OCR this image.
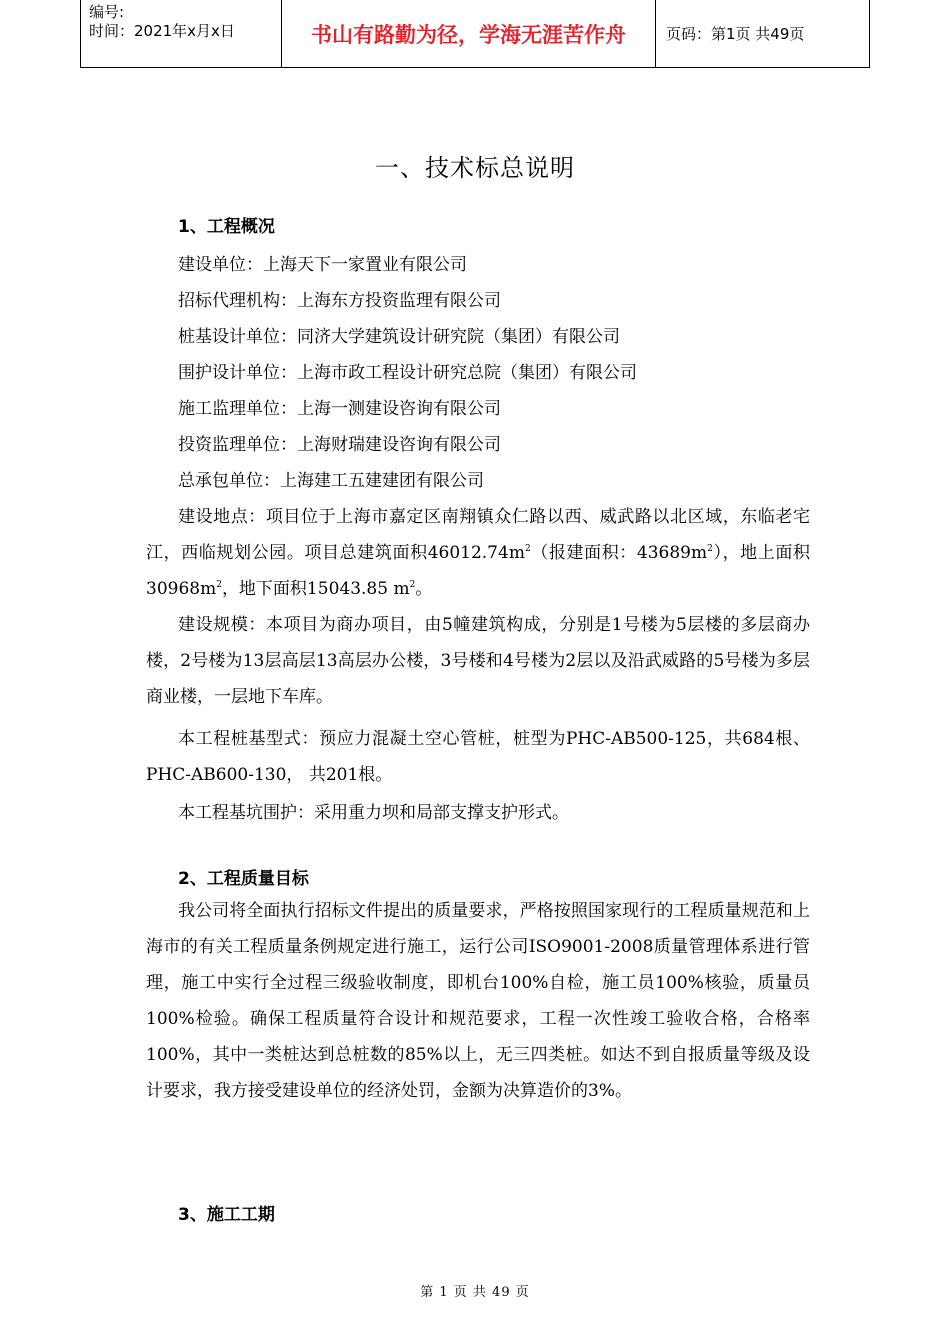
编号:
时间：2021年x月x日	书山有路勤为径，学海无涯苦作舟	页码：第1页 共49页
一、技术标总说明
1、工程概况
建设单位：上海天下一家置业有限公司
招标代理机构：上海东方投资监理有限公司
桩基设计单位：同济大学建筑设计研究院（集团）有限公司
围护设计单位：上海市政工程设计研究总院（集团）有限公司
施工监理单位：上海一测建设咨询有限公司
投资监理单位：上海财瑞建设咨询有限公司
总承包单位：上海建工五建建团有限公司
建设地点：项目位于上海市嘉定区南翔镇众仁路以西、威武路以北区域，东临老宅江，西临规划公园。项目总建筑面积$46012.74m^2$（报建面积：$43689m^2$），地上面积$30968m^2$，地下面积15043.85 $m^2$。
建设规模：本项目为商办项目，由5幢建筑构成，分别是1号楼为5层楼的多层商办楼，2号楼为13层高层13高层办公楼，3号楼和4号楼为2层以及沿武威路的5号楼为多层商业楼，一层地下车库。
本工程桩基型式：预应力混凝土空心管桩，桩型为PHC-AB500-125，共684根、PHC-AB600-130， 共201根。
本工程基坑围护：采用重力坝和局部支撑支护形式。
2、工程质量目标
我公司将全面执行招标文件提出的质量要求，严格按照国家现行的工程质量规范和上海市的有关工程质量条例规定进行施工，运行公司ISO9001-2008质量管理体系进行管理，施工中实行全过程三级验收制度，即机台100%自检，施工员100%核验，质量员100%检验。确保工程质量符合设计和规范要求，工程一次性竣工验收合格，合格率 100%，其中一类桩达到总桩数的85%以上，无三四类桩。如达不到自报质量等级及设计要求，我方接受建设单位的经济处罚，金额为决算造价的3%。
3、施工工期
第 1 页 共 49 页
